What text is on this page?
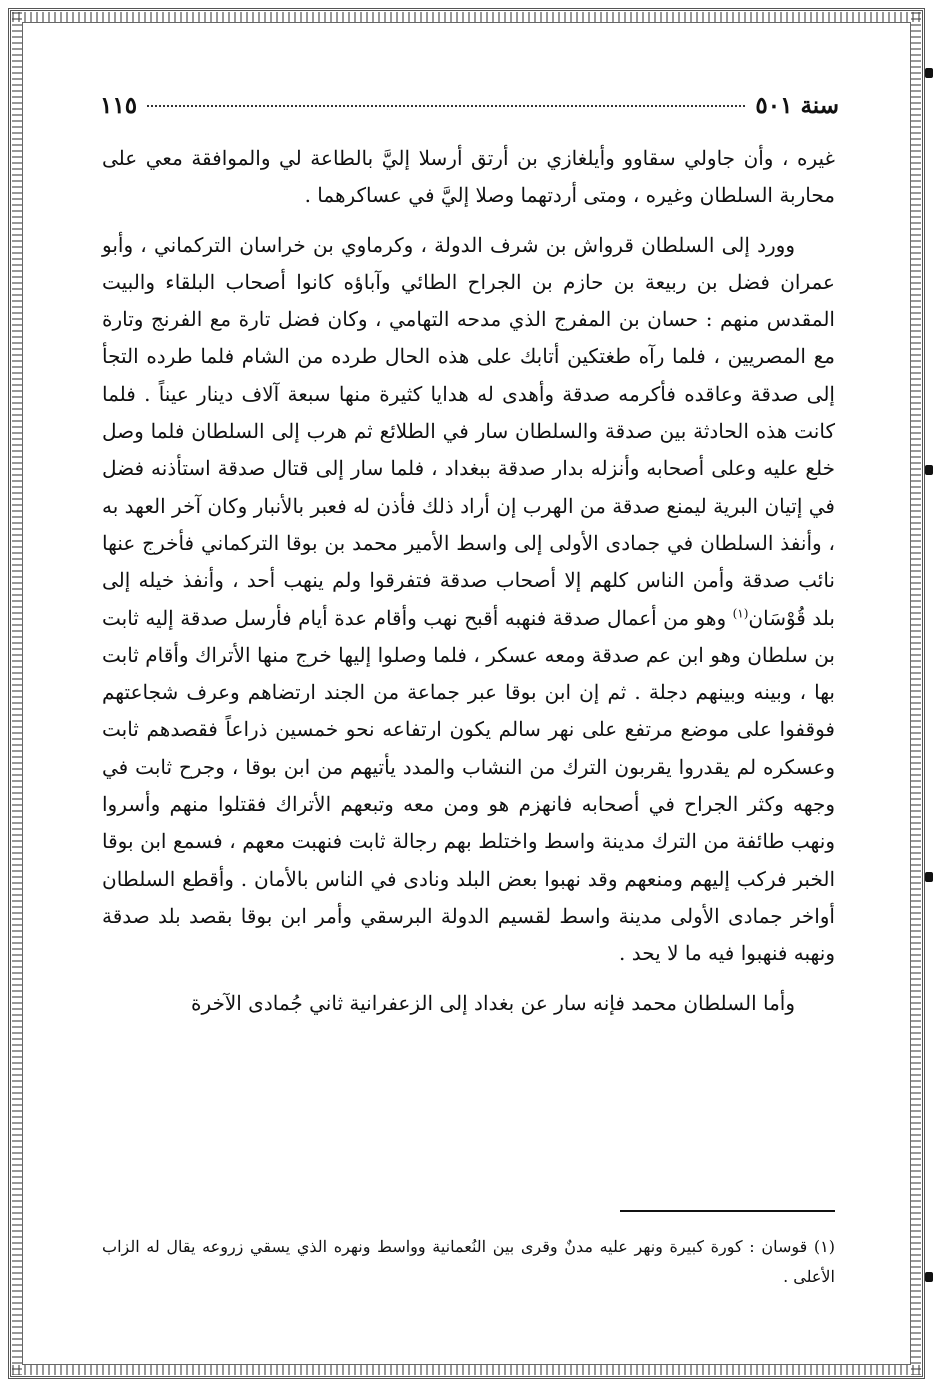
سنة ٥٠١
١١٥

غيره ، وأن جاولي سقاوو وأيلغازي بن أرتق أرسلا إليَّ بالطاعة لي والموافقة معي على محاربة السلطان وغيره ، ومتى أردتهما وصلا إليَّ في عساكرهما .

وورد إلى السلطان قرواش بن شرف الدولة ، وكرماوي بن خراسان التركماني ، وأبو عمران فضل بن ربيعة بن حازم بن الجراح الطائي وآباؤه كانوا أصحاب البلقاء والبيت المقدس منهم : حسان بن المفرج الذي مدحه التهامي ، وكان فضل تارة مع الفرنج وتارة مع المصريين ، فلما رآه طغتكين أتابك على هذه الحال طرده من الشام فلما طرده التجأ إلى صدقة وعاقده فأكرمه صدقة وأهدى له هدايا كثيرة منها سبعة آلاف دينار عيناً . فلما كانت هذه الحادثة بين صدقة والسلطان سار في الطلائع ثم هرب إلى السلطان فلما وصل خلع عليه وعلى أصحابه وأنزله بدار صدقة ببغداد ، فلما سار إلى قتال صدقة استأذنه فضل في إتيان البرية ليمنع صدقة من الهرب إن أراد ذلك فأذن له فعبر بالأنبار وكان آخر العهد به ، وأنفذ السلطان في جمادى الأولى إلى واسط الأمير محمد بن بوقا التركماني فأخرج عنها نائب صدقة وأمن الناس كلهم إلا أصحاب صدقة فتفرقوا ولم ينهب أحد ، وأنفذ خيله إلى بلد قُوْسَان$^{(١)}$ وهو من أعمال صدقة فنهبه أقبح نهب وأقام عدة أيام فأرسل صدقة إليه ثابت بن سلطان وهو ابن عم صدقة ومعه عسكر ، فلما وصلوا إليها خرج منها الأتراك وأقام ثابت بها ، وبينه وبينهم دجلة . ثم إن ابن بوقا عبر جماعة من الجند ارتضاهم وعرف شجاعتهم فوقفوا على موضع مرتفع على نهر سالم يكون ارتفاعه نحو خمسين ذراعاً فقصدهم ثابت وعسكره لم يقدروا يقربون الترك من النشاب والمدد يأتيهم من ابن بوقا ، وجرح ثابت في وجهه وكثر الجراح في أصحابه فانهزم هو ومن معه وتبعهم الأتراك فقتلوا منهم وأسروا ونهب طائفة من الترك مدينة واسط واختلط بهم رجالة ثابت فنهبت معهم ، فسمع ابن بوقا الخبر فركب إليهم ومنعهم وقد نهبوا بعض البلد ونادى في الناس بالأمان . وأقطع السلطان أواخر جمادى الأولى مدينة واسط لقسيم الدولة البرسقي وأمر ابن بوقا بقصد بلد صدقة ونهبه فنهبوا فيه ما لا يحد .

وأما السلطان محمد فإنه سار عن بغداد إلى الزعفرانية ثاني جُمادى الآخرة

(١) قوسان : كورة كبيرة ونهر عليه مدنٌ وقرى بين النُعمانية وواسط ونهره الذي يسقي زروعه يقال له الزاب الأعلى .
